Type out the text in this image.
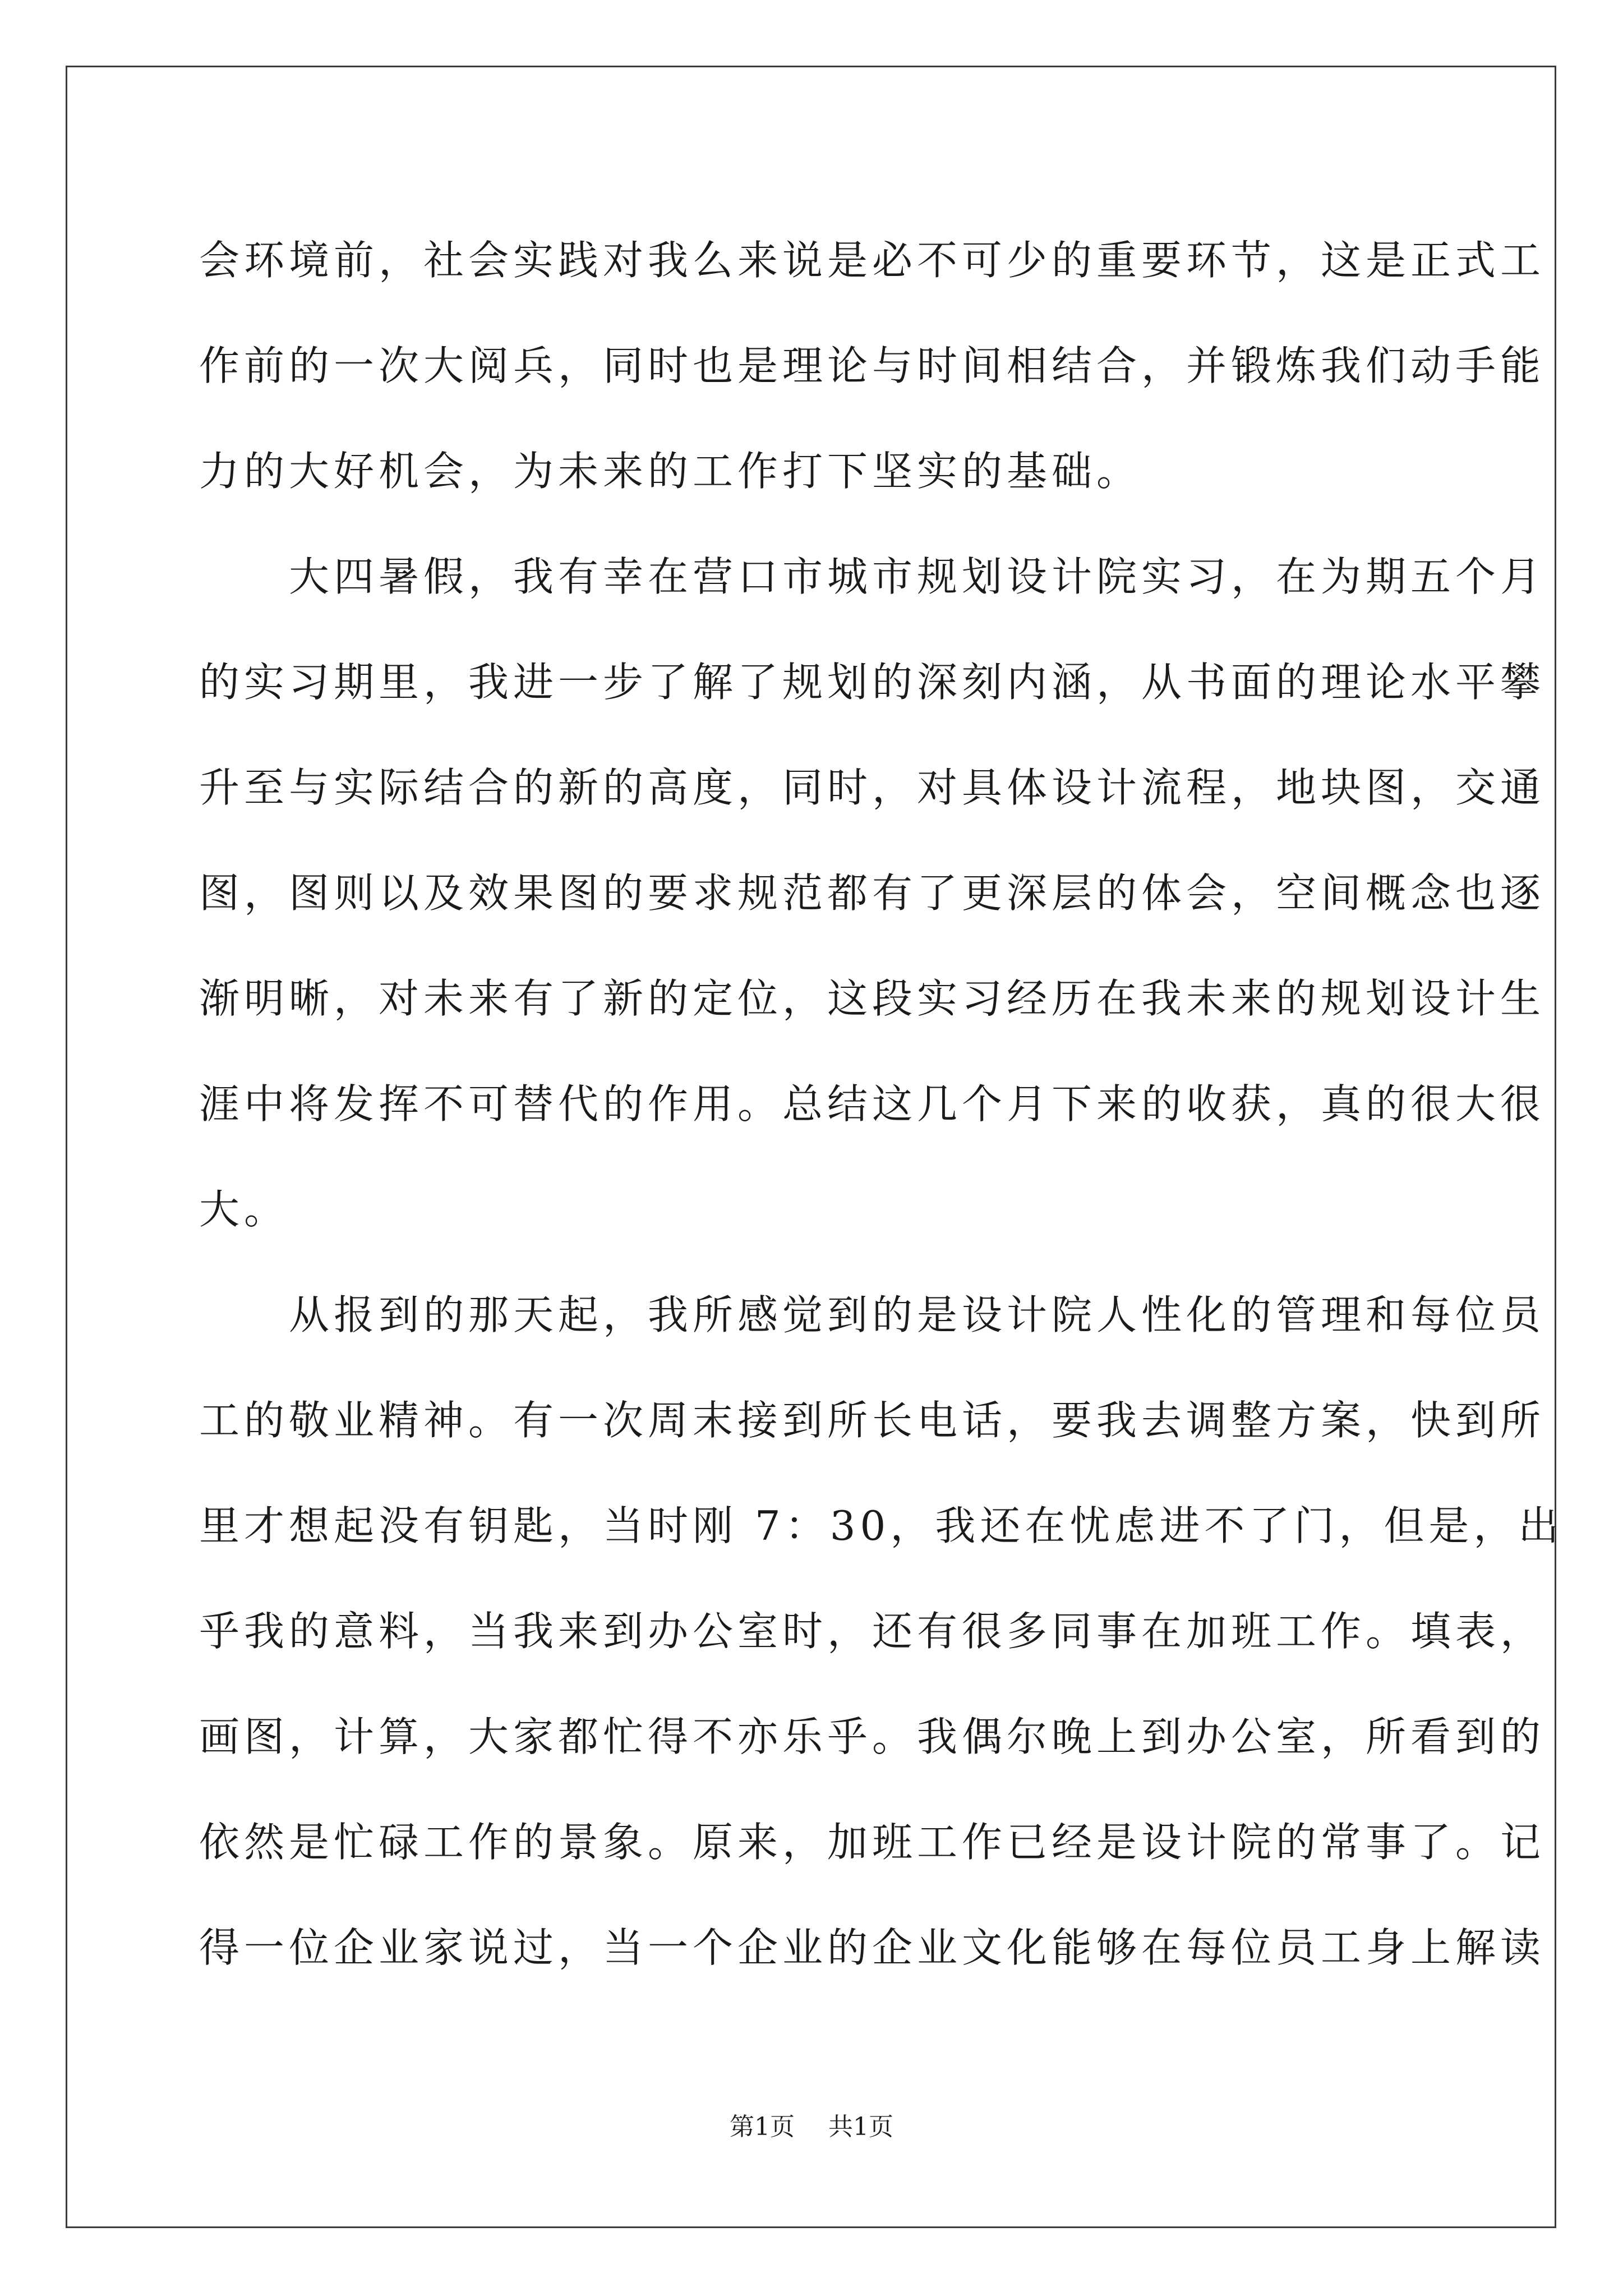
会环境前，社会实践对我么来说是必不可少的重要环节，这是正式工
作前的一次大阅兵，同时也是理论与时间相结合，并锻炼我们动手能
力的大好机会，为未来的工作打下坚实的基础。
　　大四暑假，我有幸在营口市城市规划设计院实习，在为期五个月
的实习期里，我进一步了解了规划的深刻内涵，从书面的理论水平攀
升至与实际结合的新的高度，同时，对具体设计流程，地块图，交通
图，图则以及效果图的要求规范都有了更深层的体会，空间概念也逐
渐明晰，对未来有了新的定位，这段实习经历在我未来的规划设计生
涯中将发挥不可替代的作用。总结这几个月下来的收获，真的很大很
大。
　　从报到的那天起，我所感觉到的是设计院人性化的管理和每位员
工的敬业精神。有一次周末接到所长电话，要我去调整方案，快到所
里才想起没有钥匙，当时刚 7：30，我还在忧虑进不了门，但是，出
乎我的意料，当我来到办公室时，还有很多同事在加班工作。填表，
画图，计算，大家都忙得不亦乐乎。我偶尔晚上到办公室，所看到的
依然是忙碌工作的景象。原来，加班工作已经是设计院的常事了。记
得一位企业家说过，当一个企业的企业文化能够在每位员工身上解读
第1页 共1页
